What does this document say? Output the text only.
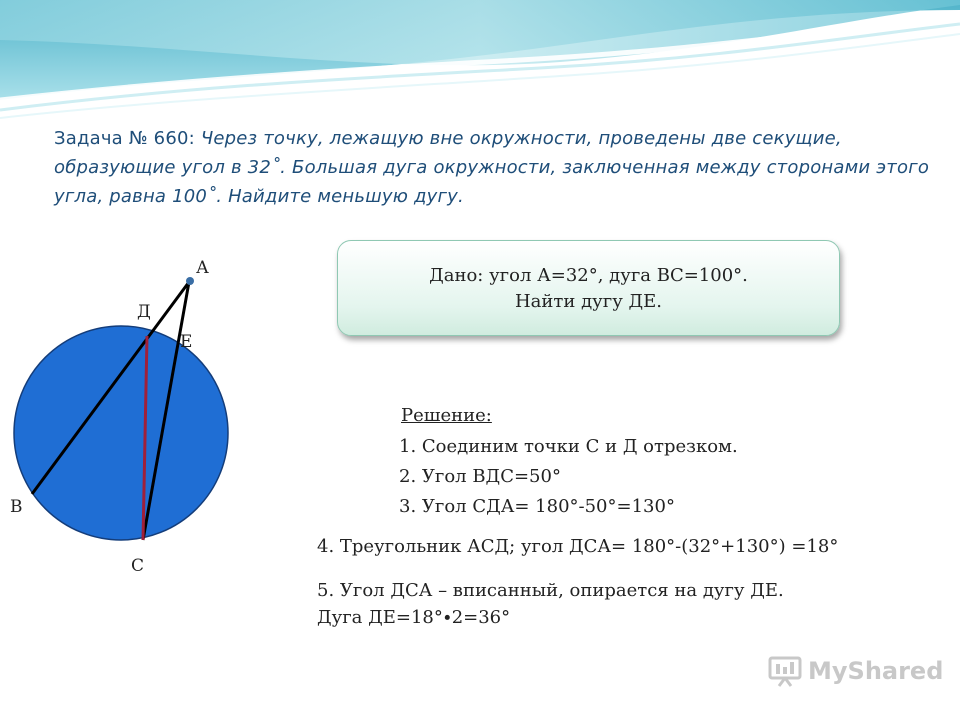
Задача № 660: Через точку, лежащую вне окружности, проведены две секущие, образующие угол в 32˚. Большая дуга окружности, заключенная между сторонами этого угла, равна 100˚. Найдите меньшую дугу.
А
Д
Е
В
С
Дано: угол А=32°, дуга ВС=100°.
Найти дугу ДЕ.
Решение:
1. Соединим точки С и Д отрезком.
2. Угол ВДС=50°
3. Угол СДА= 180°-50°=130°
4. Треугольник АСД; угол ДСА= 180°-(32°+130°) =18°
5. Угол ДСА – вписанный, опирается на дугу ДЕ.
Дуга ДЕ=18°∙2=36°
MyShared
